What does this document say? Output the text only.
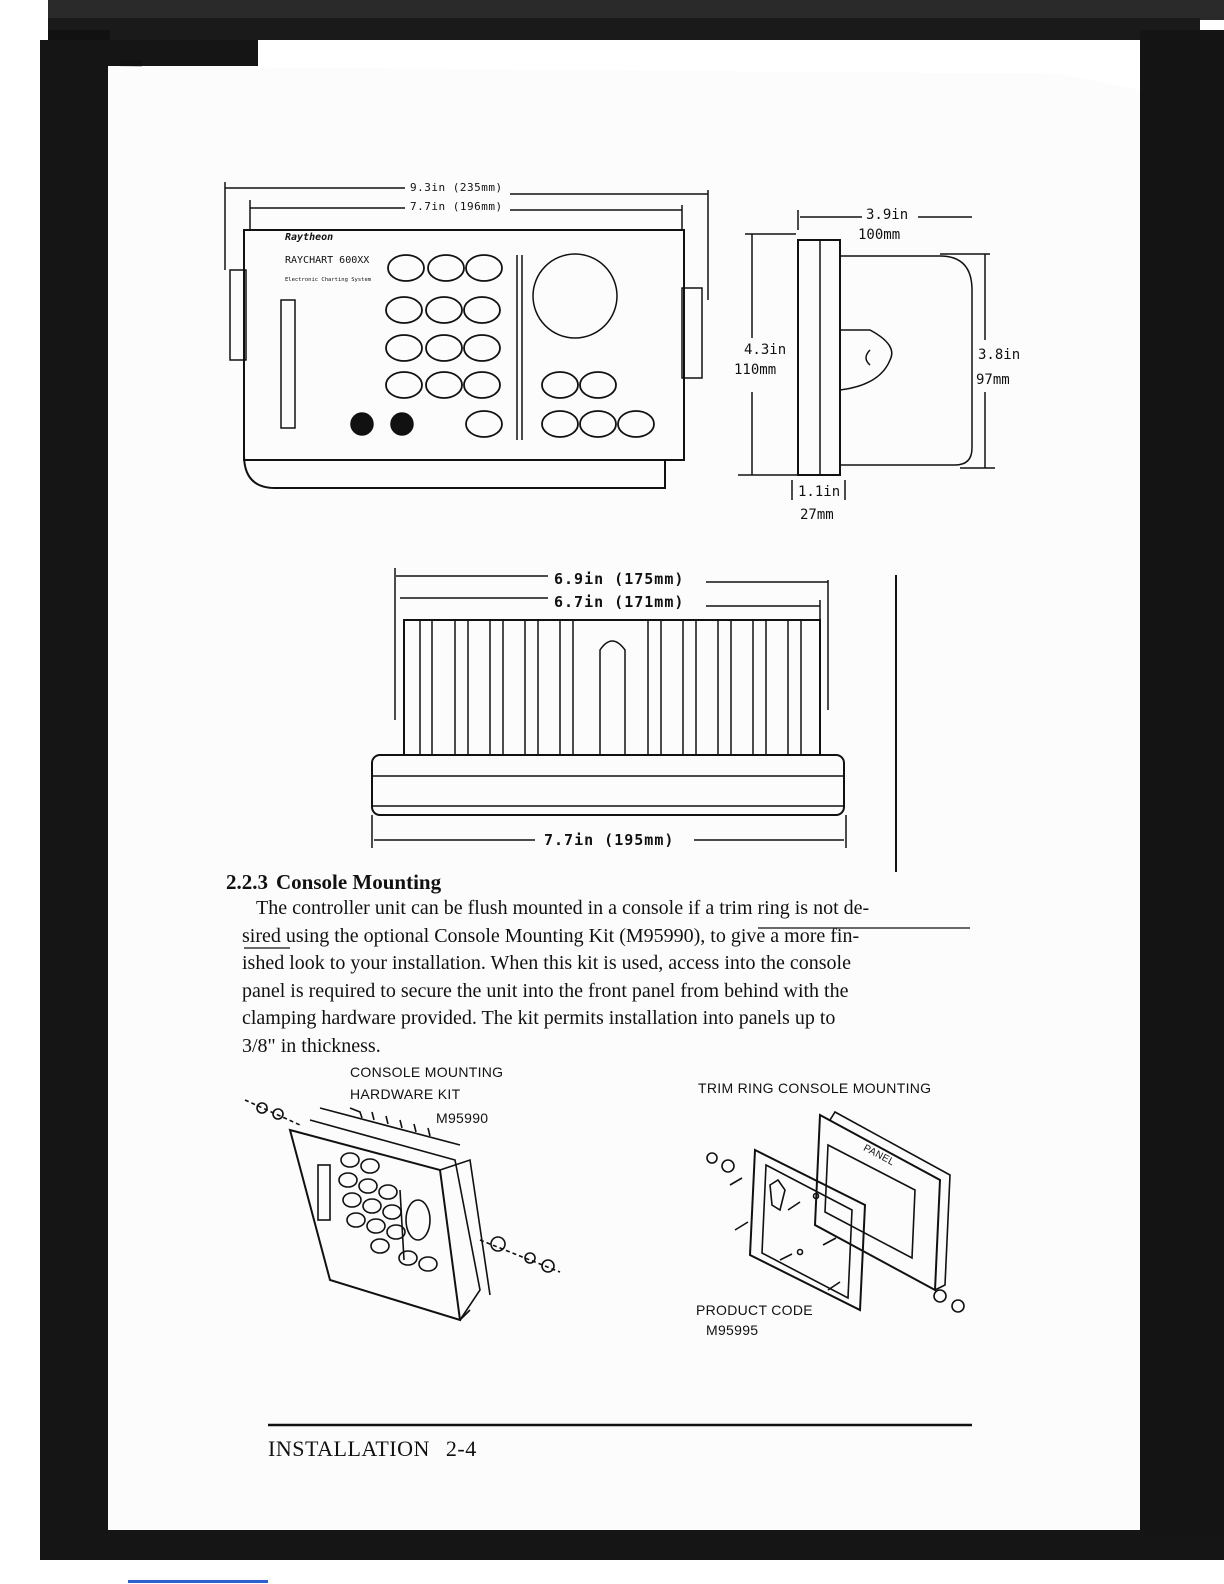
9.3in (235mm)
7.7in (196mm)
Raytheon
RAYCHART 600XX
Electronic Charting System
3.9in
100mm
4.3in
110mm
3.8in
97mm
1.1in
27mm
6.9in (175mm)
6.7in (171mm)
7.7in (195mm)
2.2.3 Console Mounting

The controller unit can be flush mounted in a console if a trim ring is not de-

sired using the optional Console Mounting Kit (M95990), to give a more fin-

ished look to your installation. When this kit is used, access into the console

panel is required to secure the unit into the front panel from behind with the

clamping hardware provided. The kit permits installation into panels up to

3/8" in thickness.

CONSOLE MOUNTING
HARDWARE KIT
M95990
TRIM RING CONSOLE MOUNTING
PANEL
PRODUCT CODE
M95995
INSTALLATION 2-4
